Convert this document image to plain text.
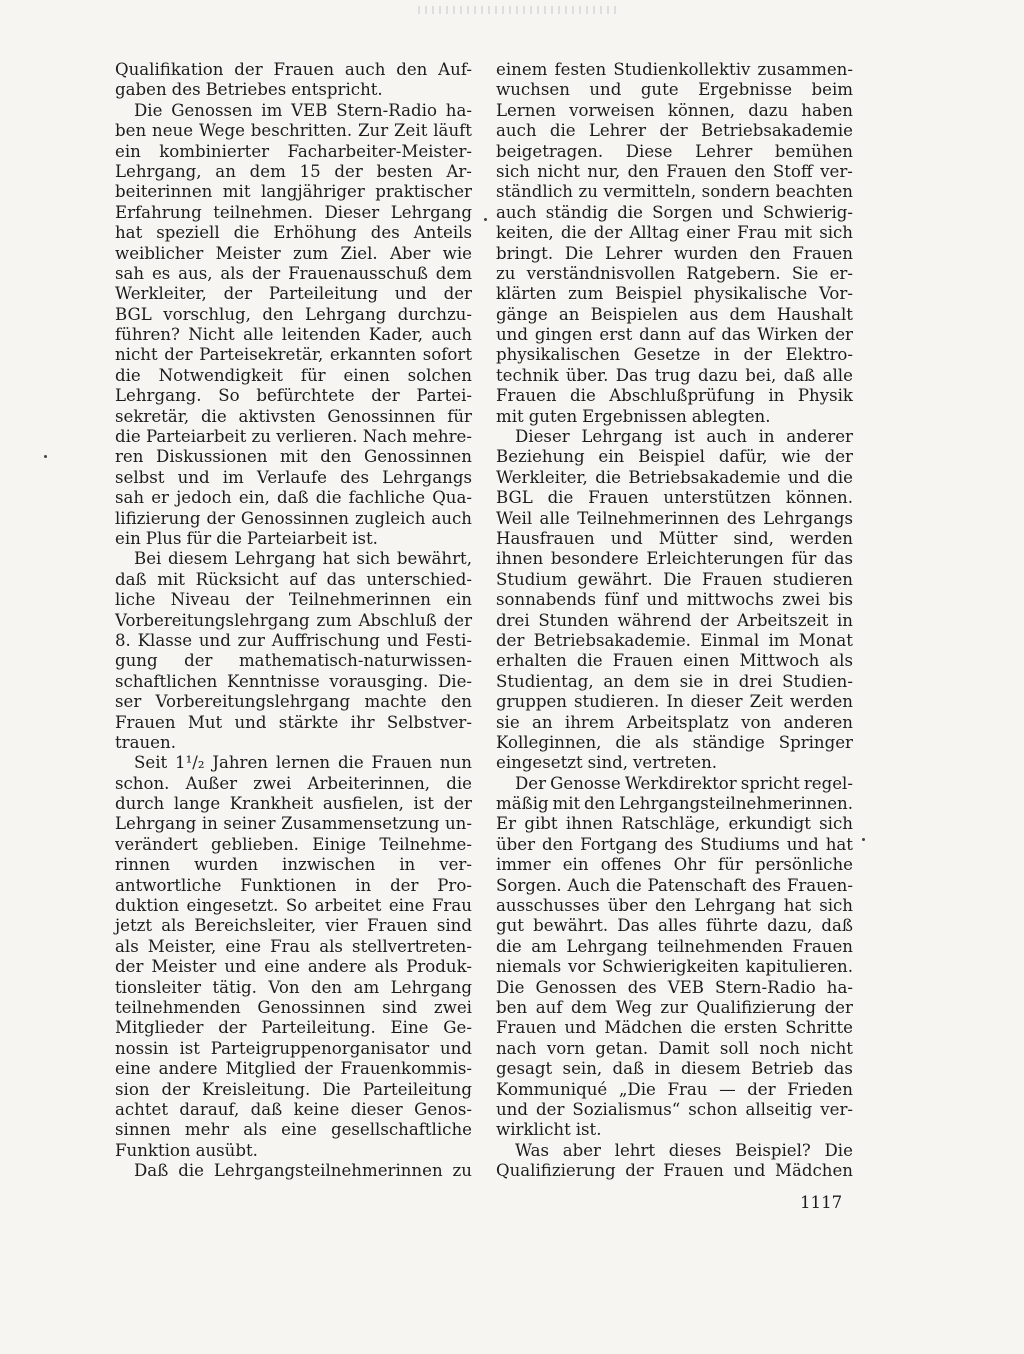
Qualifikation der Frauen auch den Auf-
gaben des Betriebes entspricht.
Die Genossen im VEB Stern-Radio ha-
ben neue Wege beschritten. Zur Zeit läuft
ein kombinierter Facharbeiter-Meister-
Lehrgang, an dem 15 der besten Ar-
beiterinnen mit langjähriger praktischer
Erfahrung teilnehmen. Dieser Lehrgang
hat speziell die Erhöhung des Anteils
weiblicher Meister zum Ziel. Aber wie
sah es aus, als der Frauenausschuß dem
Werkleiter, der Parteileitung und der
BGL vorschlug, den Lehrgang durchzu-
führen? Nicht alle leitenden Kader, auch
nicht der Parteisekretär, erkannten sofort
die Notwendigkeit für einen solchen
Lehrgang. So befürchtete der Partei-
sekretär, die aktivsten Genossinnen für
die Parteiarbeit zu verlieren. Nach mehre-
ren Diskussionen mit den Genossinnen
selbst und im Verlaufe des Lehrgangs
sah er jedoch ein, daß die fachliche Qua-
lifizierung der Genossinnen zugleich auch
ein Plus für die Parteiarbeit ist.
Bei diesem Lehrgang hat sich bewährt,
daß mit Rücksicht auf das unterschied-
liche Niveau der Teilnehmerinnen ein
Vorbereitungslehrgang zum Abschluß der
8. Klasse und zur Auffrischung und Festi-
gung der mathematisch-naturwissen-
schaftlichen Kenntnisse vorausging. Die-
ser Vorbereitungslehrgang machte den
Frauen Mut und stärkte ihr Selbstver-
trauen.
Seit 1¹/₂ Jahren lernen die Frauen nun
schon. Außer zwei Arbeiterinnen, die
durch lange Krankheit ausfielen, ist der
Lehrgang in seiner Zusammensetzung un-
verändert geblieben. Einige Teilnehme-
rinnen wurden inzwischen in ver-
antwortliche Funktionen in der Pro-
duktion eingesetzt. So arbeitet eine Frau
jetzt als Bereichsleiter, vier Frauen sind
als Meister, eine Frau als stellvertreten-
der Meister und eine andere als Produk-
tionsleiter tätig. Von den am Lehrgang
teilnehmenden Genossinnen sind zwei
Mitglieder der Parteileitung. Eine Ge-
nossin ist Parteigruppenorganisator und
eine andere Mitglied der Frauenkommis-
sion der Kreisleitung. Die Parteileitung
achtet darauf, daß keine dieser Genos-
sinnen mehr als eine gesellschaftliche
Funktion ausübt.
Daß die Lehrgangsteilnehmerinnen zu
einem festen Studienkollektiv zusammen-
wuchsen und gute Ergebnisse beim
Lernen vorweisen können, dazu haben
auch die Lehrer der Betriebsakademie
beigetragen. Diese Lehrer bemühen
sich nicht nur, den Frauen den Stoff ver-
ständlich zu vermitteln, sondern beachten
auch ständig die Sorgen und Schwierig-
keiten, die der Alltag einer Frau mit sich
bringt. Die Lehrer wurden den Frauen
zu verständnisvollen Ratgebern. Sie er-
klärten zum Beispiel physikalische Vor-
gänge an Beispielen aus dem Haushalt
und gingen erst dann auf das Wirken der
physikalischen Gesetze in der Elektro-
technik über. Das trug dazu bei, daß alle
Frauen die Abschlußprüfung in Physik
mit guten Ergebnissen ablegten.
Dieser Lehrgang ist auch in anderer
Beziehung ein Beispiel dafür, wie der
Werkleiter, die Betriebsakademie und die
BGL die Frauen unterstützen können.
Weil alle Teilnehmerinnen des Lehrgangs
Hausfrauen und Mütter sind, werden
ihnen besondere Erleichterungen für das
Studium gewährt. Die Frauen studieren
sonnabends fünf und mittwochs zwei bis
drei Stunden während der Arbeitszeit in
der Betriebsakademie. Einmal im Monat
erhalten die Frauen einen Mittwoch als
Studientag, an dem sie in drei Studien-
gruppen studieren. In dieser Zeit werden
sie an ihrem Arbeitsplatz von anderen
Kolleginnen, die als ständige Springer
eingesetzt sind, vertreten.
Der Genosse Werkdirektor spricht regel-
mäßig mit den Lehrgangsteilnehmerinnen.
Er gibt ihnen Ratschläge, erkundigt sich
über den Fortgang des Studiums und hat
immer ein offenes Ohr für persönliche
Sorgen. Auch die Patenschaft des Frauen-
ausschusses über den Lehrgang hat sich
gut bewährt. Das alles führte dazu, daß
die am Lehrgang teilnehmenden Frauen
niemals vor Schwierigkeiten kapitulieren.
Die Genossen des VEB Stern-Radio ha-
ben auf dem Weg zur Qualifizierung der
Frauen und Mädchen die ersten Schritte
nach vorn getan. Damit soll noch nicht
gesagt sein, daß in diesem Betrieb das
Kommuniqué „Die Frau — der Frieden
und der Sozialismus“ schon allseitig ver-
wirklicht ist.
Was aber lehrt dieses Beispiel? Die
Qualifizierung der Frauen und Mädchen
1117
